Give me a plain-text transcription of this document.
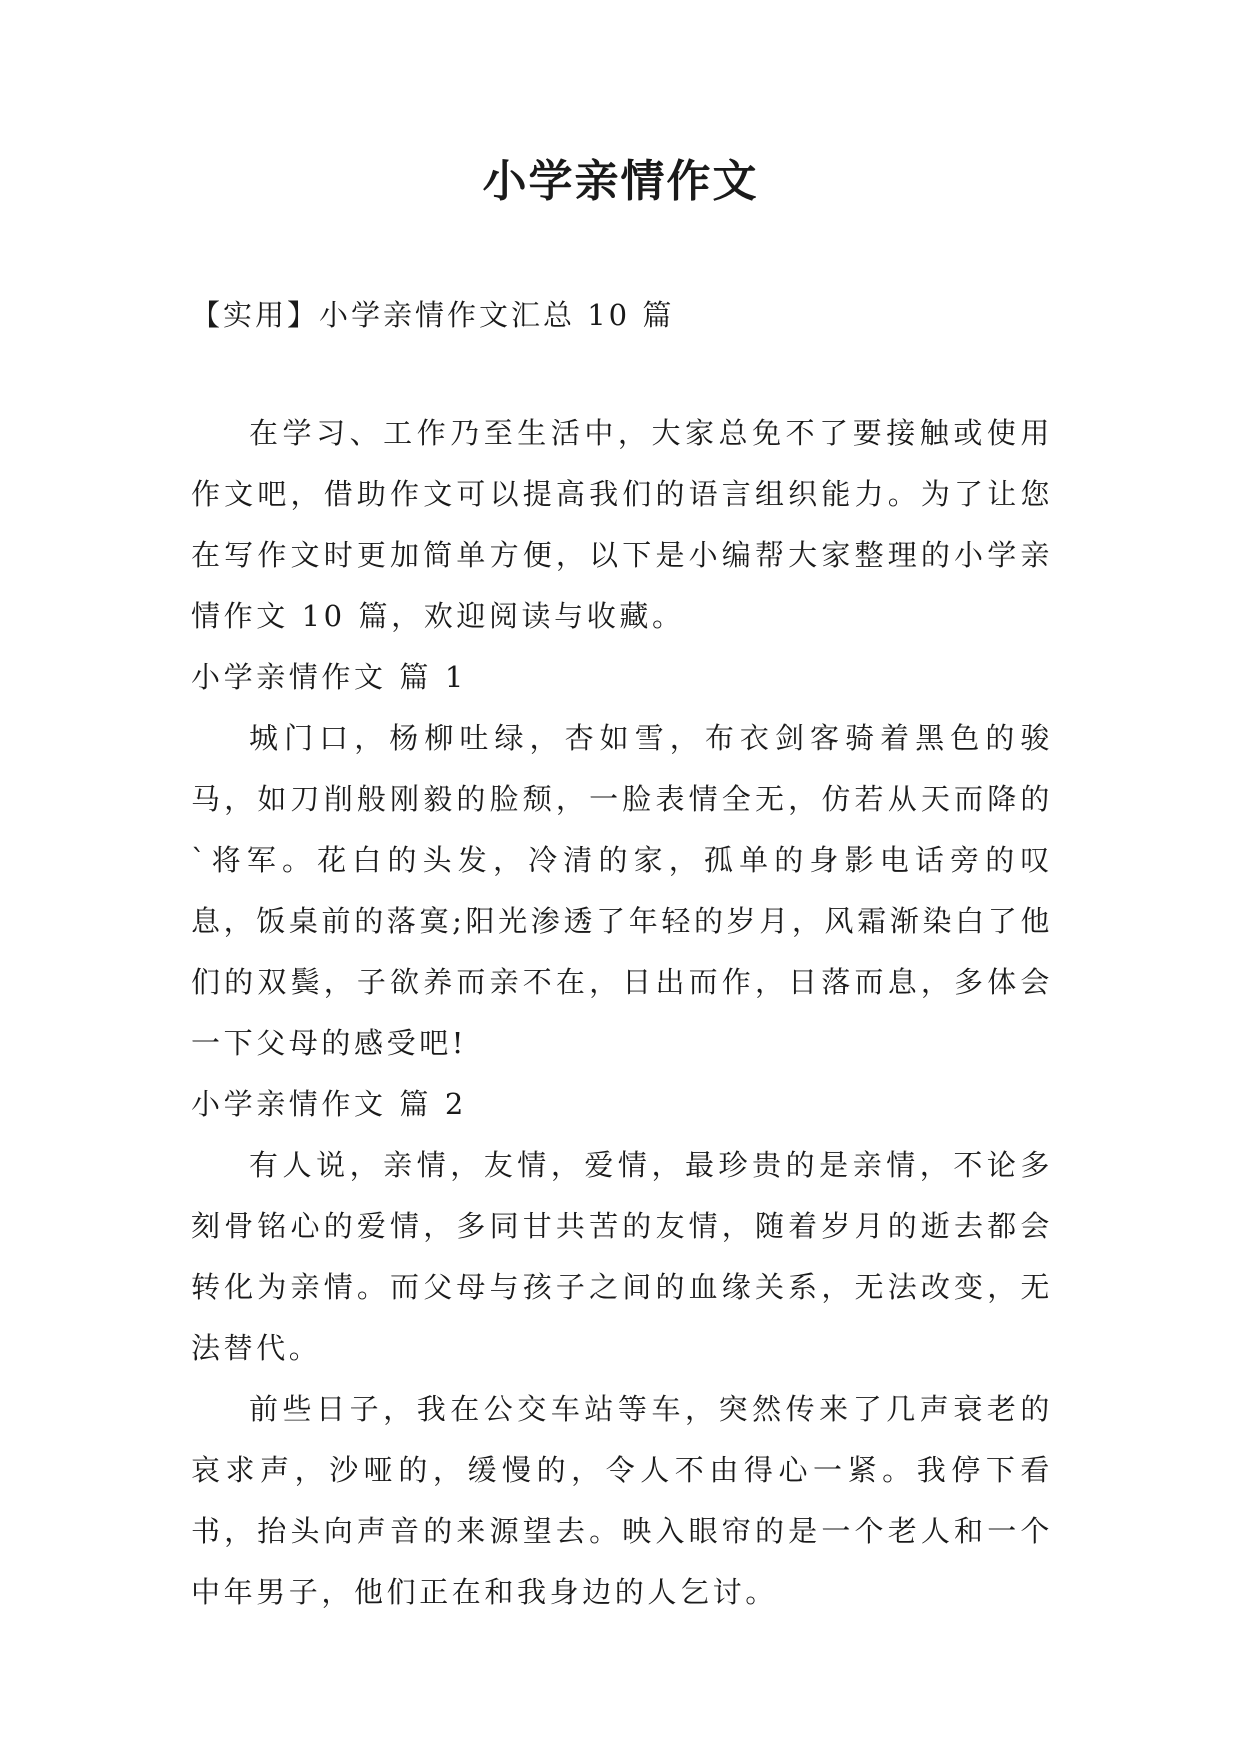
小学亲情作文
【实用】小学亲情作文汇总 10 篇

在学习、工作乃至生活中，大家总免不了要接触或使用作文吧，借助作文可以提高我们的语言组织能力。为了让您在写作文时更加简单方便，以下是小编帮大家整理的小学亲情作文 10 篇，欢迎阅读与收藏。

小学亲情作文 篇 1

城门口，杨柳吐绿，杏如雪，布衣剑客骑着黑色的骏马，如刀削般刚毅的脸颓，一脸表情全无，仿若从天而降的`将军。花白的头发，冷清的家，孤单的身影电话旁的叹息，饭桌前的落寞;阳光渗透了年轻的岁月，风霜渐染白了他们的双鬓，子欲养而亲不在，日出而作，日落而息，多体会一下父母的感受吧!

小学亲情作文 篇 2

有人说，亲情，友情，爱情，最珍贵的是亲情，不论多刻骨铭心的爱情，多同甘共苦的友情，随着岁月的逝去都会转化为亲情。而父母与孩子之间的血缘关系，无法改变，无法替代。

前些日子，我在公交车站等车，突然传来了几声衰老的哀求声，沙哑的，缓慢的，令人不由得心一紧。我停下看书，抬头向声音的来源望去。映入眼帘的是一个老人和一个中年男子，他们正在和我身边的人乞讨。
